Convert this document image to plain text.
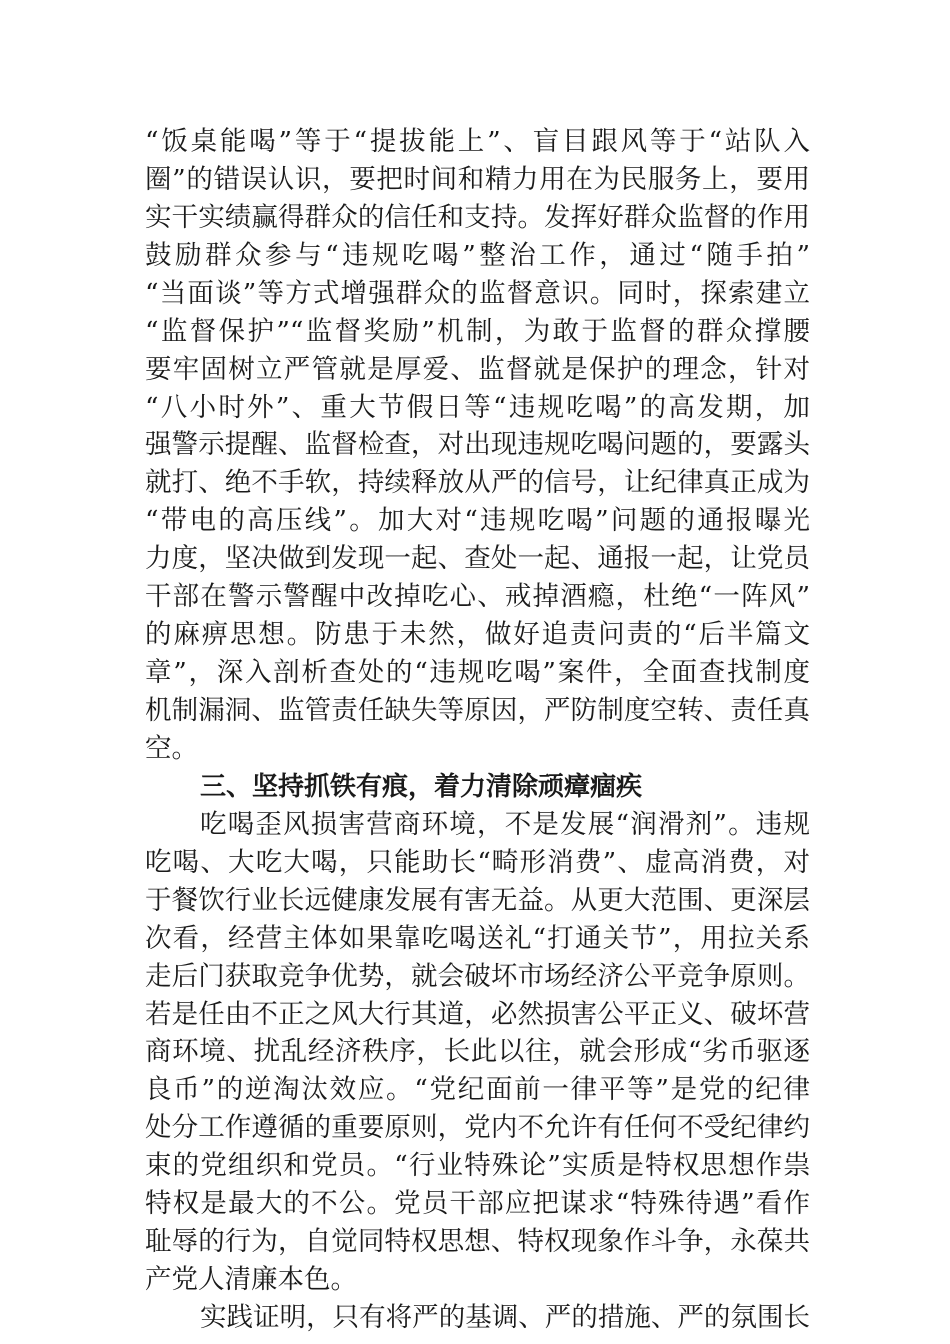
“饭桌能喝”等于“提拔能上”、盲目跟风等于“站队入
圈”的错误认识，要把时间和精力用在为民服务上，要用
实干实绩赢得群众的信任和支持。发挥好群众监督的作用
鼓励群众参与“违规吃喝”整治工作，通过“随手拍”
“当面谈”等方式增强群众的监督意识。同时，探索建立
“监督保护”“监督奖励”机制，为敢于监督的群众撑腰
要牢固树立严管就是厚爱、监督就是保护的理念，针对
“八小时外”、重大节假日等“违规吃喝”的高发期，加
强警示提醒、监督检查，对出现违规吃喝问题的，要露头
就打、绝不手软，持续释放从严的信号，让纪律真正成为
“带电的高压线”。加大对“违规吃喝”问题的通报曝光
力度，坚决做到发现一起、查处一起、通报一起，让党员
干部在警示警醒中改掉吃心、戒掉酒瘾，杜绝“一阵风”
的麻痹思想。防患于未然，做好追责问责的“后半篇文
章”，深入剖析查处的“违规吃喝”案件，全面查找制度
机制漏洞、监管责任缺失等原因，严防制度空转、责任真
空。
三、坚持抓铁有痕，着力清除顽瘴痼疾
吃喝歪风损害营商环境，不是发展“润滑剂”。违规
吃喝、大吃大喝，只能助长“畸形消费”、虚高消费，对
于餐饮行业长远健康发展有害无益。从更大范围、更深层
次看，经营主体如果靠吃喝送礼“打通关节”，用拉关系
走后门获取竞争优势，就会破坏市场经济公平竞争原则。
若是任由不正之风大行其道，必然损害公平正义、破坏营
商环境、扰乱经济秩序，长此以往，就会形成“劣币驱逐
良币”的逆淘汰效应。“党纪面前一律平等”是党的纪律
处分工作遵循的重要原则，党内不允许有任何不受纪律约
束的党组织和党员。“行业特殊论”实质是特权思想作祟
特权是最大的不公。党员干部应把谋求“特殊待遇”看作
耻辱的行为，自觉同特权思想、特权现象作斗争，永葆共
产党人清廉本色。
实践证明，只有将严的基调、严的措施、严的氛围长
